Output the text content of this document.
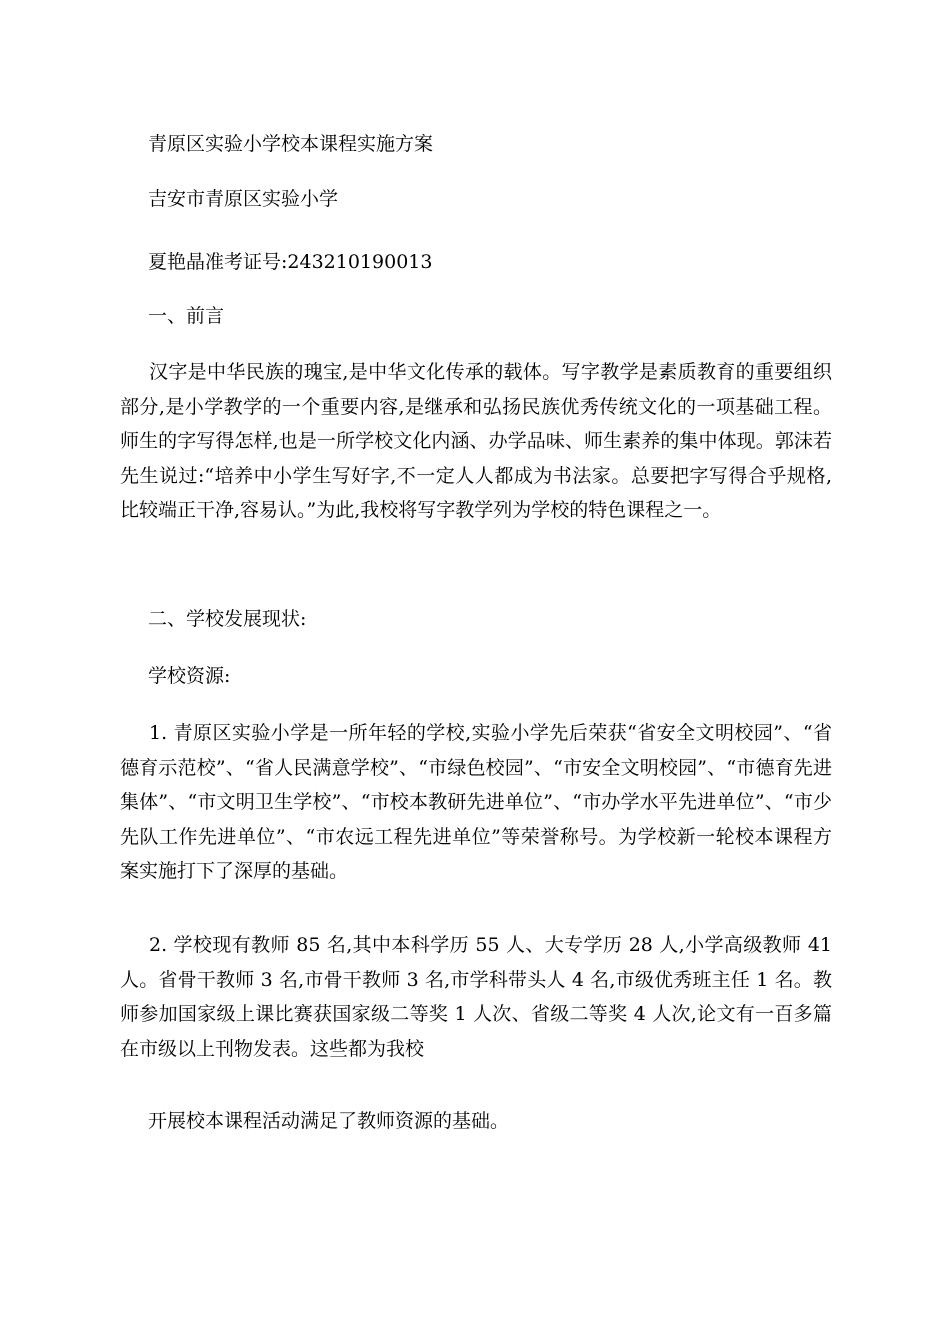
青原区实验小学校本课程实施方案

吉安市青原区实验小学

夏艳晶准考证号:243210190013

一、前言

汉字是中华民族的瑰宝,是中华文化传承的载体。写字教学是素质教育的重要组织部分,是小学教学的一个重要内容,是继承和弘扬民族优秀传统文化的一项基础工程。师生的字写得怎样,也是一所学校文化内涵、办学品味、师生素养的集中体现。郭沫若先生说过:“培养中小学生写好字,不一定人人都成为书法家。总要把字写得合乎规格,比较端正干净,容易认。”为此,我校将写字教学列为学校的特色课程之一。

二、学校发展现状:

学校资源:

1. 青原区实验小学是一所年轻的学校,实验小学先后荣获“省安全文明校园”、“省德育示范校”、“省人民满意学校”、“市绿色校园”、“市安全文明校园”、“市德育先进集体”、“市文明卫生学校”、“市校本教研先进单位”、“市办学水平先进单位”、“市少先队工作先进单位”、“市农远工程先进单位”等荣誉称号。为学校新一轮校本课程方案实施打下了深厚的基础。

2. 学校现有教师 85 名,其中本科学历 55 人、大专学历 28 人,小学高级教师 41 人。省骨干教师 3 名,市骨干教师 3 名,市学科带头人 4 名,市级优秀班主任 1 名。教师参加国家级上课比赛获国家级二等奖 1 人次、省级二等奖 4 人次,论文有一百多篇在市级以上刊物发表。这些都为我校

开展校本课程活动满足了教师资源的基础。
